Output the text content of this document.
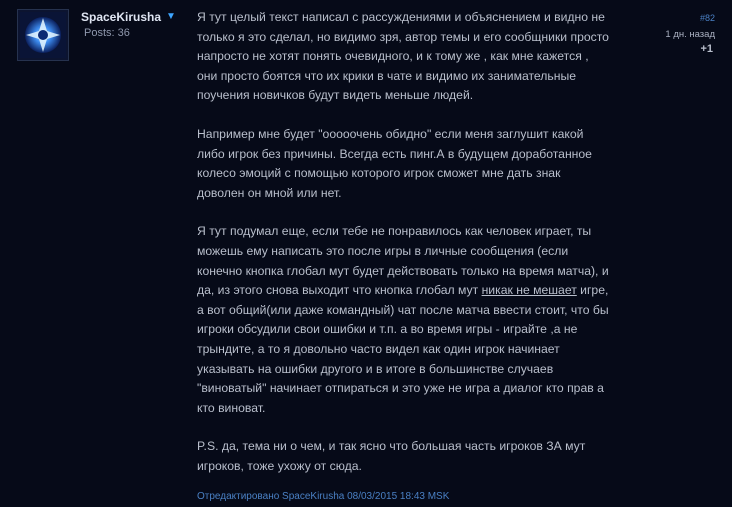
SpaceKirusha ▼
Posts: 36

Я тут целый текст написал с рассуждениями и объяснением и видно не только я это сделал, но видимо зря, автор темы и его сообщники просто напросто не хотят понять очевидного, и к тому же , как мне кажется , они просто боятся что их крики в чате и видимо их занимательные поучения новичков будут видеть меньше людей.

Например мне будет "ооооочень обидно" если меня заглушит какой либо игрок без причины. Всегда есть пинг.А в будущем доработанное колесо эмоций с помощью которого игрок сможет мне дать знак доволен он мной или нет.

Я тут подумал еще, если тебе не понравилось как человек играет, ты можешь ему написать это после игры в личные сообщения (если конечно кнопка глобал мут будет действовать только на время матча), и да, из этого снова выходит что кнопка глобал мут никак не мешает игре, а вот общий(или даже командный) чат после матча ввести стоит, что бы игроки обсудили свои ошибки и т.п. а во время игры - играйте ,а не трындите, а то я довольно часто видел как один игрок начинает указывать на ошибки другого и в итоге в большинстве случаев "виноватый" начинает отпираться и это уже не игра а диалог кто прав а кто виноват.

P.S. да, тема ни о чем, и так ясно что большая часть игроков ЗА мут игроков, тоже ухожу от сюда.

Отредактировано SpaceKirusha 08/03/2015 18:43 MSK
#82
1 дн. назад
+1
